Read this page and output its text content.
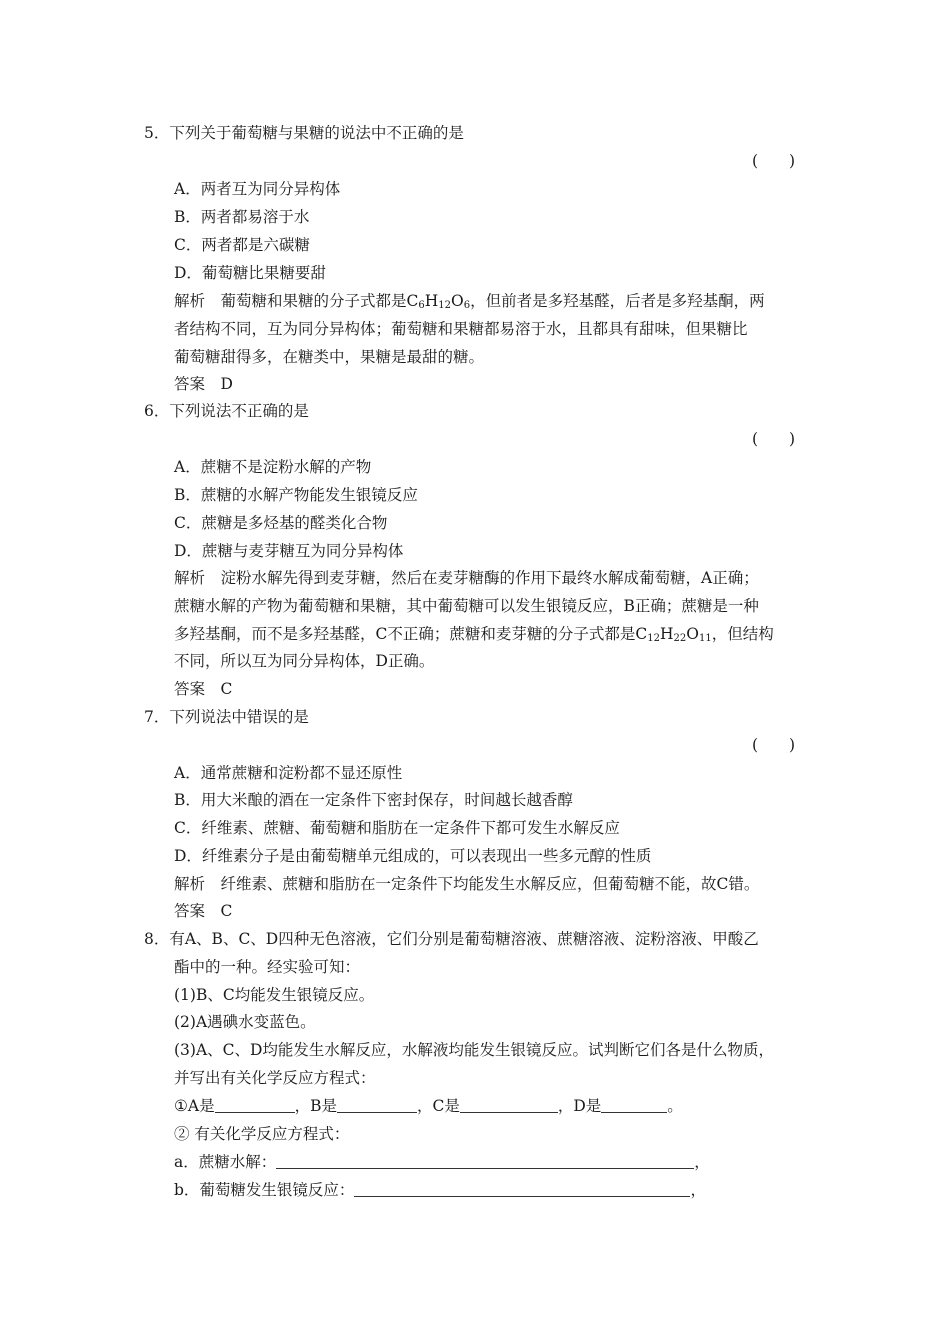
5．下列关于葡萄糖与果糖的说法中不正确的是
(　　)
A．两者互为同分异构体
B．两者都易溶于水
C．两者都是六碳糖
D．葡萄糖比果糖要甜
解析　葡萄糖和果糖的分子式都是$C_6H_{12}O_6$，但前者是多羟基醛，后者是多羟基酮，两
者结构不同，互为同分异构体；葡萄糖和果糖都易溶于水，且都具有甜味，但果糖比
葡萄糖甜得多，在糖类中，果糖是最甜的糖。
答案　D
6．下列说法不正确的是
(　　)
A．蔗糖不是淀粉水解的产物
B．蔗糖的水解产物能发生银镜反应
C．蔗糖是多烃基的醛类化合物
D．蔗糖与麦芽糖互为同分异构体
解析　淀粉水解先得到麦芽糖，然后在麦芽糖酶的作用下最终水解成葡萄糖，A正确；
蔗糖水解的产物为葡萄糖和果糖，其中葡萄糖可以发生银镜反应，B正确；蔗糖是一种
多羟基酮，而不是多羟基醛，C不正确；蔗糖和麦芽糖的分子式都是$C_{12}H_{22}O_{11}$，但结构
不同，所以互为同分异构体，D正确。
答案　C
7．下列说法中错误的是
(　　)
A．通常蔗糖和淀粉都不显还原性
B．用大米酿的酒在一定条件下密封保存，时间越长越香醇
C．纤维素、蔗糖、葡萄糖和脂肪在一定条件下都可发生水解反应
D．纤维素分子是由葡萄糖单元组成的，可以表现出一些多元醇的性质
解析　纤维素、蔗糖和脂肪在一定条件下均能发生水解反应，但葡萄糖不能，故C错。
答案　C
8．有A、B、C、D四种无色溶液，它们分别是葡萄糖溶液、蔗糖溶液、淀粉溶液、甲酸乙
酯中的一种。经实验可知：
(1)B、C均能发生银镜反应。
(2)A遇碘水变蓝色。
(3)A、C、D均能发生水解反应，水解液均能发生银镜反应。试判断它们各是什么物质，
并写出有关化学反应方程式：
①A是	，B是	，C是	，D是	。
② 有关化学反应方程式：
a．蔗糖水解：	，
b．葡萄糖发生银镜反应：	，
